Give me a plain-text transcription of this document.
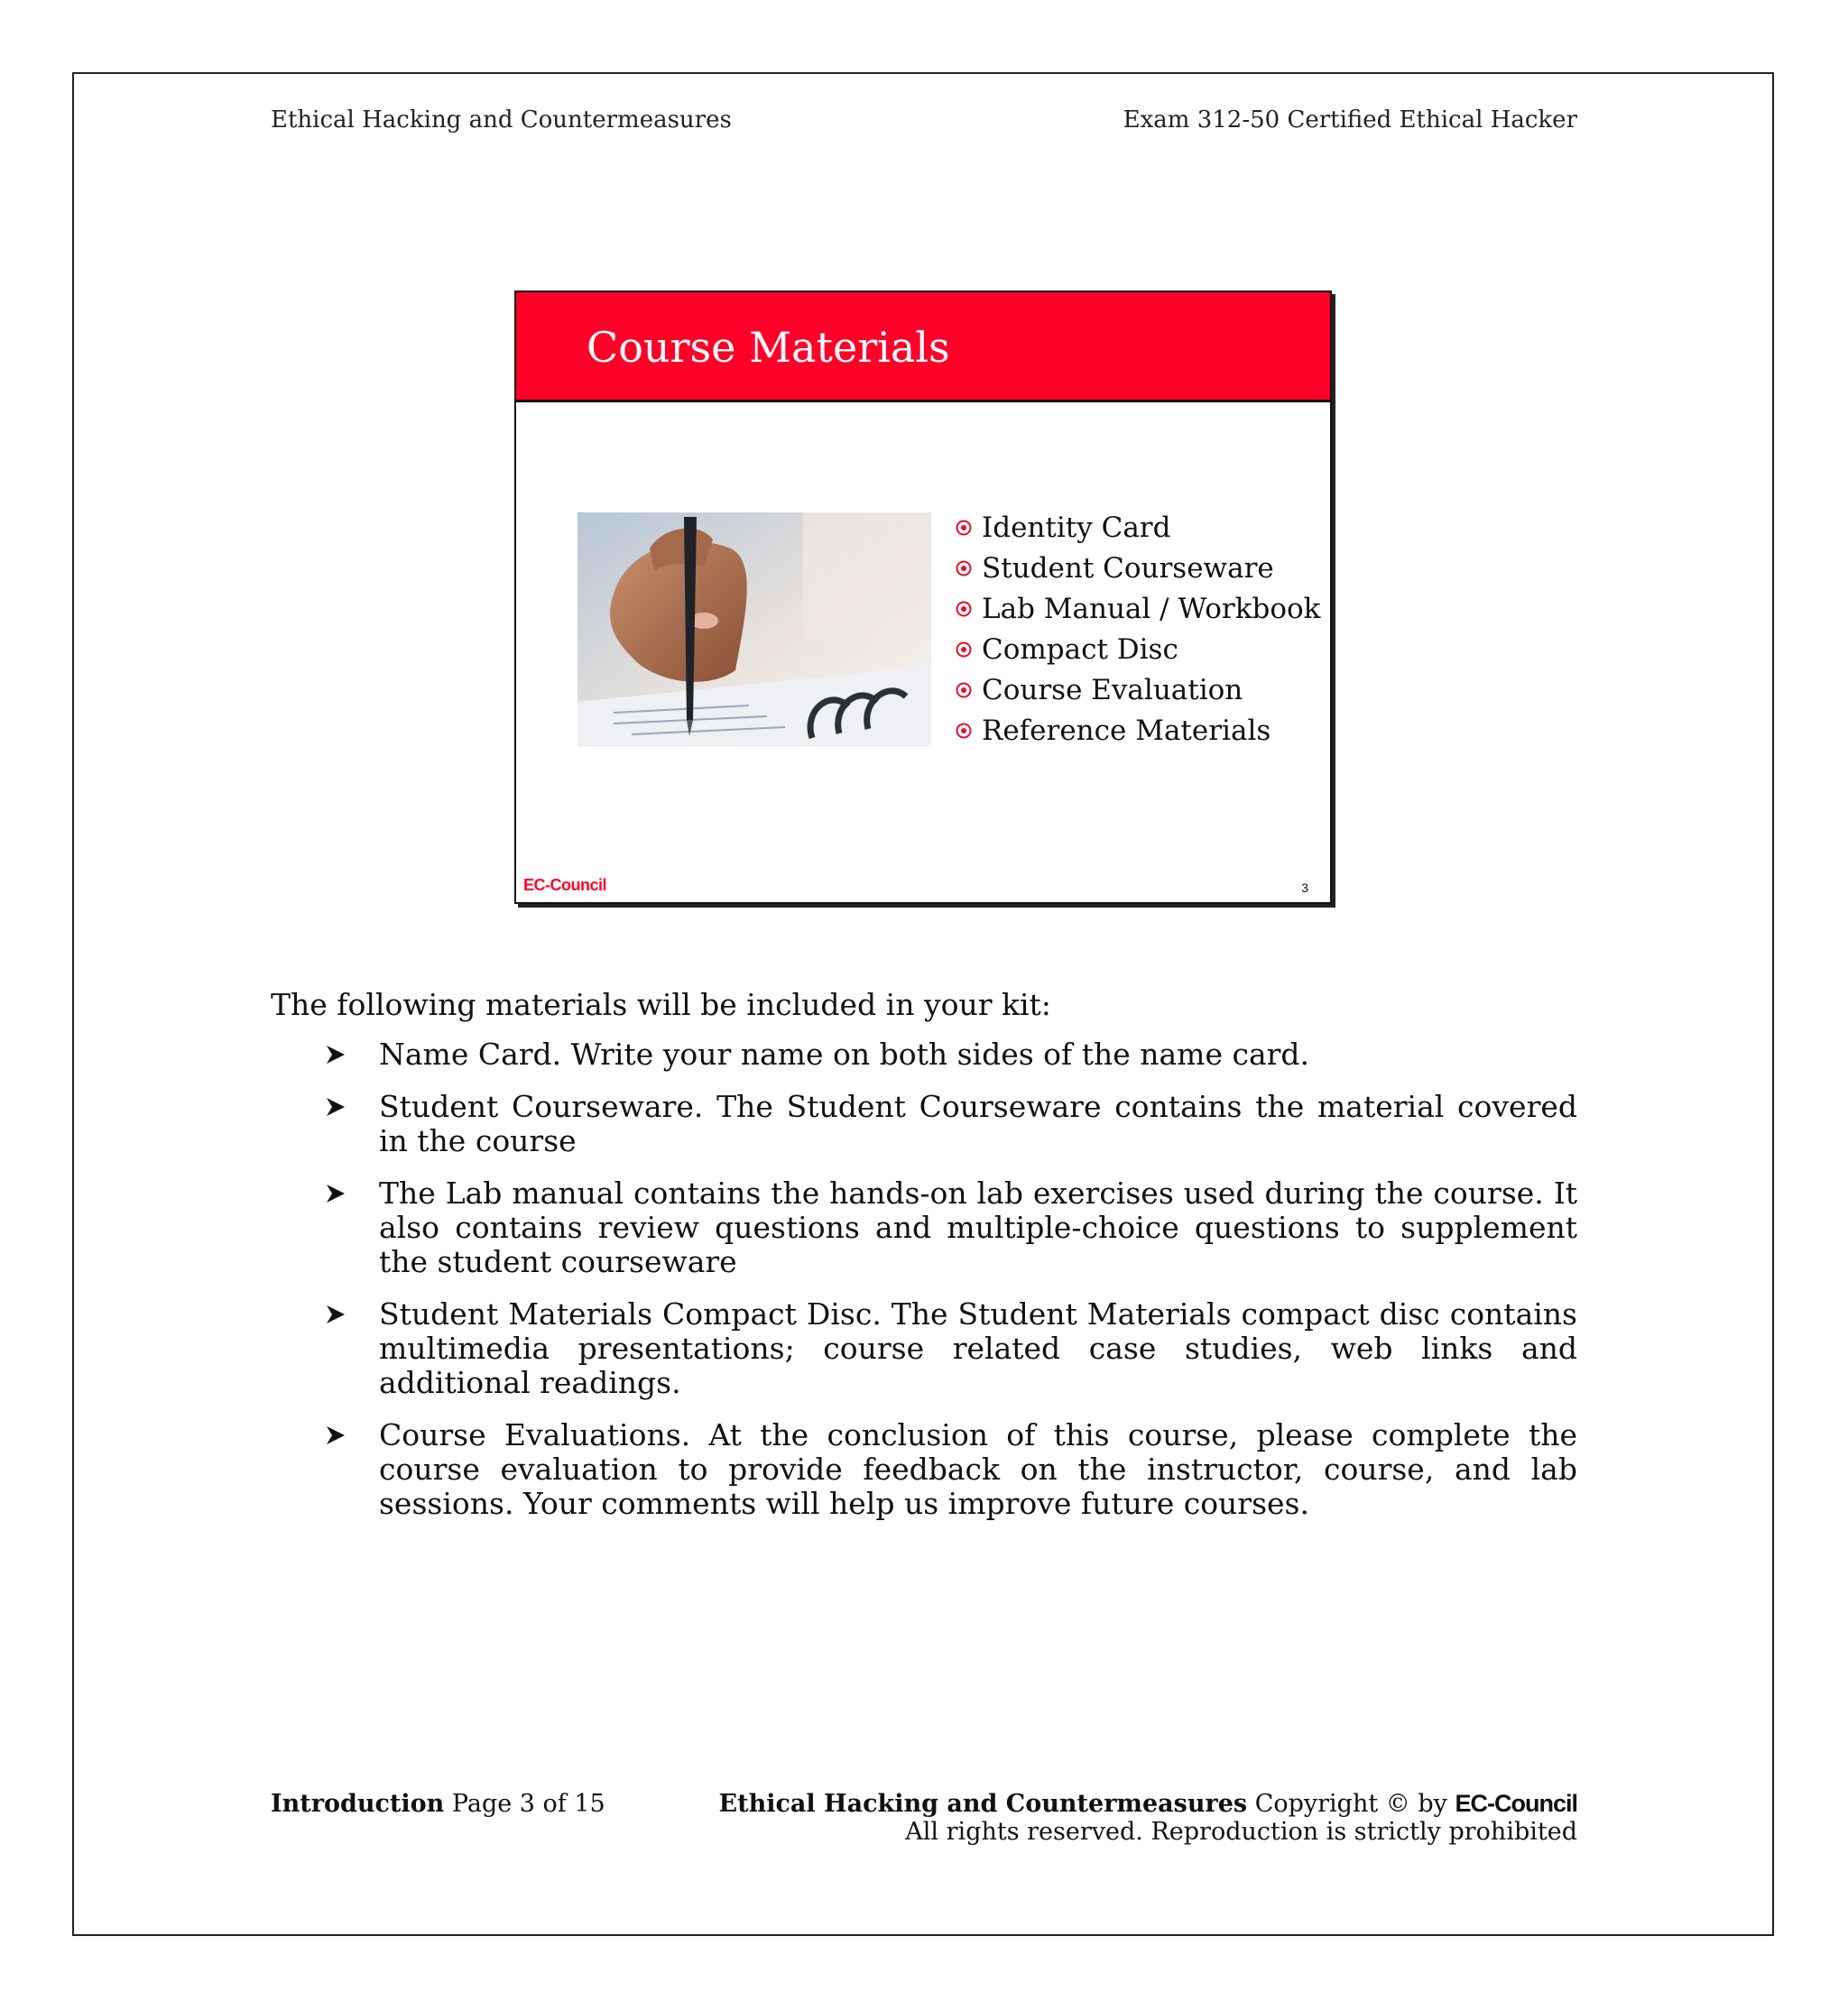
Ethical Hacking and Countermeasures	Exam 312-50 Certified Ethical Hacker
Course Materials
Identity Card
Student Courseware
Lab Manual / Workbook
Compact Disc
Course Evaluation
Reference Materials
EC-Council	3
The following materials will be included in your kit:
Name Card. Write your name on both sides of the name card.
Student Courseware. The Student Courseware contains the material covered in the course
The Lab manual contains the hands-on lab exercises used during the course. It also contains review questions and multiple-choice questions to supplement the student courseware
Student Materials Compact Disc. The Student Materials compact disc contains multimedia presentations; course related case studies, web links and additional readings.
Course Evaluations. At the conclusion of this course, please complete the course evaluation to provide feedback on the instructor, course, and lab sessions. Your comments will help us improve future courses.
Introduction Page 3 of 15	Ethical Hacking and Countermeasures Copyright © by EC-Council
All rights reserved. Reproduction is strictly prohibited
